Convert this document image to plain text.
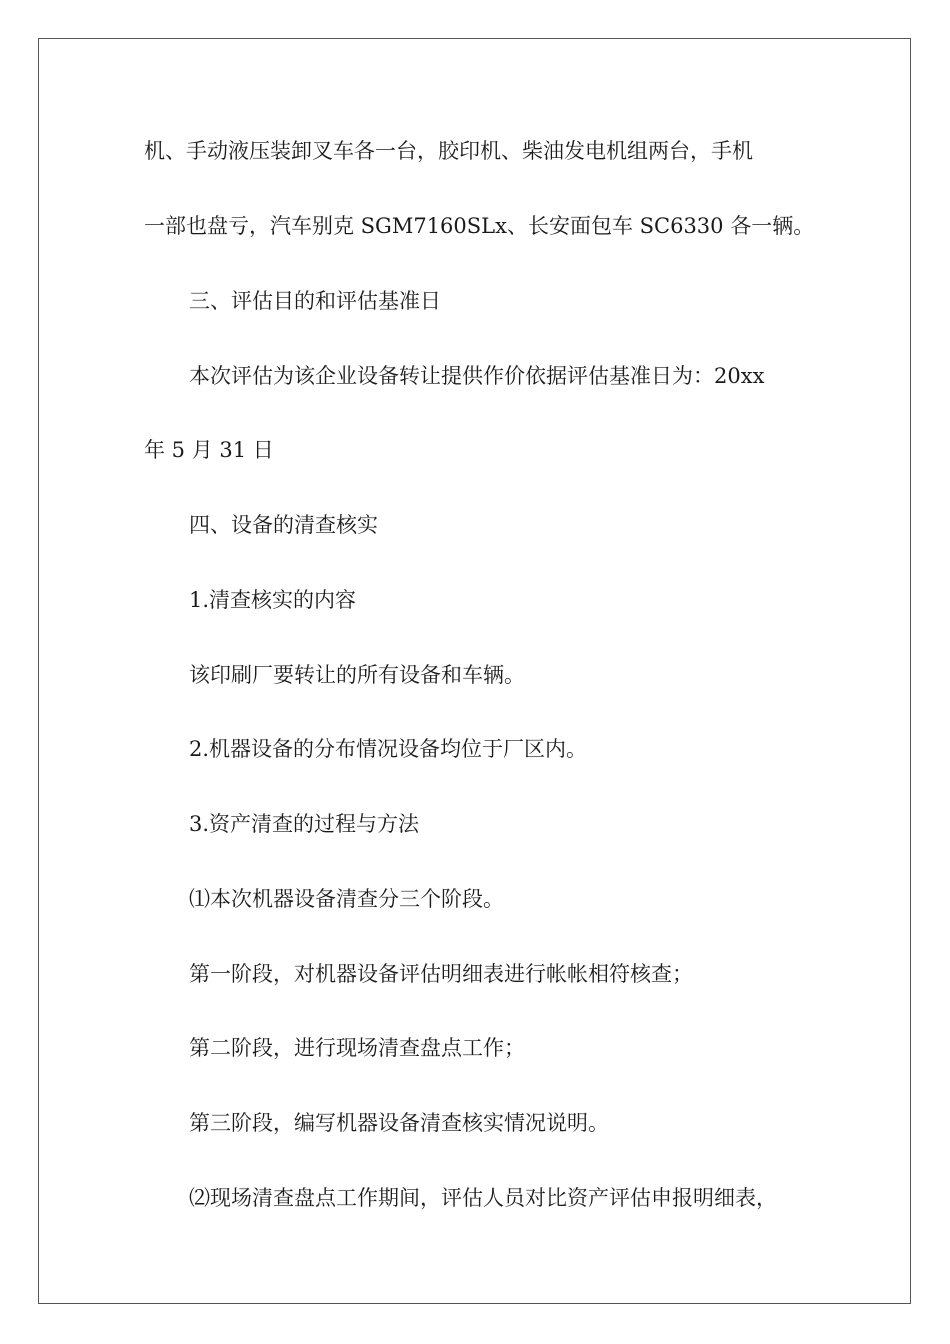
机、手动液压装卸叉车各一台，胶印机、柴油发电机组两台，手机
一部也盘亏，汽车别克 SGM7160SLx、长安面包车 SC6330 各一辆。
三、评估目的和评估基准日
本次评估为该企业设备转让提供作价依据评估基准日为：20xx
年 5 月 31 日
四、设备的清查核实
1.清查核实的内容
该印刷厂要转让的所有设备和车辆。
2.机器设备的分布情况设备均位于厂区内。
3.资产清查的过程与方法
⑴本次机器设备清查分三个阶段。
第一阶段，对机器设备评估明细表进行帐帐相符核查；
第二阶段，进行现场清查盘点工作；
第三阶段，编写机器设备清查核实情况说明。
⑵现场清查盘点工作期间，评估人员对比资产评估申报明细表，
